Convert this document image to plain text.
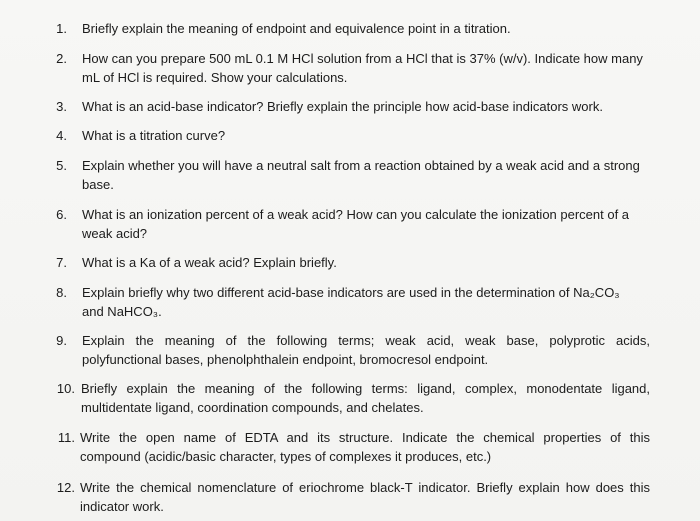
1. Briefly explain the meaning of endpoint and equivalence point in a titration.
2. How can you prepare 500 mL 0.1 M HCl solution from a HCl that is 37% (w/v). Indicate how many
mL of HCl is required. Show your calculations.
3. What is an acid-base indicator? Briefly explain the principle how acid-base indicators work.
4. What is a titration curve?
5. Explain whether you will have a neutral salt from a reaction obtained by a weak acid and a strong
base.
6. What is an ionization percent of a weak acid? How can you calculate the ionization percent of a
weak acid?
7. What is a Ka of a weak acid? Explain briefly.
8. Explain briefly why two different acid-base indicators are used in the determination of Na₂CO₃
and NaHCO₃.
9. Explain the meaning of the following terms; weak acid, weak base, polyprotic acids,
polyfunctional bases, phenolphthalein endpoint, bromocresol endpoint.
10. Briefly explain the meaning of the following terms: ligand, complex, monodentate ligand,
multidentate ligand, coordination compounds, and chelates.
11. Write the open name of EDTA and its structure. Indicate the chemical properties of this
compound (acidic/basic character, types of complexes it produces, etc.)
12. Write the chemical nomenclature of eriochrome black-T indicator. Briefly explain how does this
indicator work.
